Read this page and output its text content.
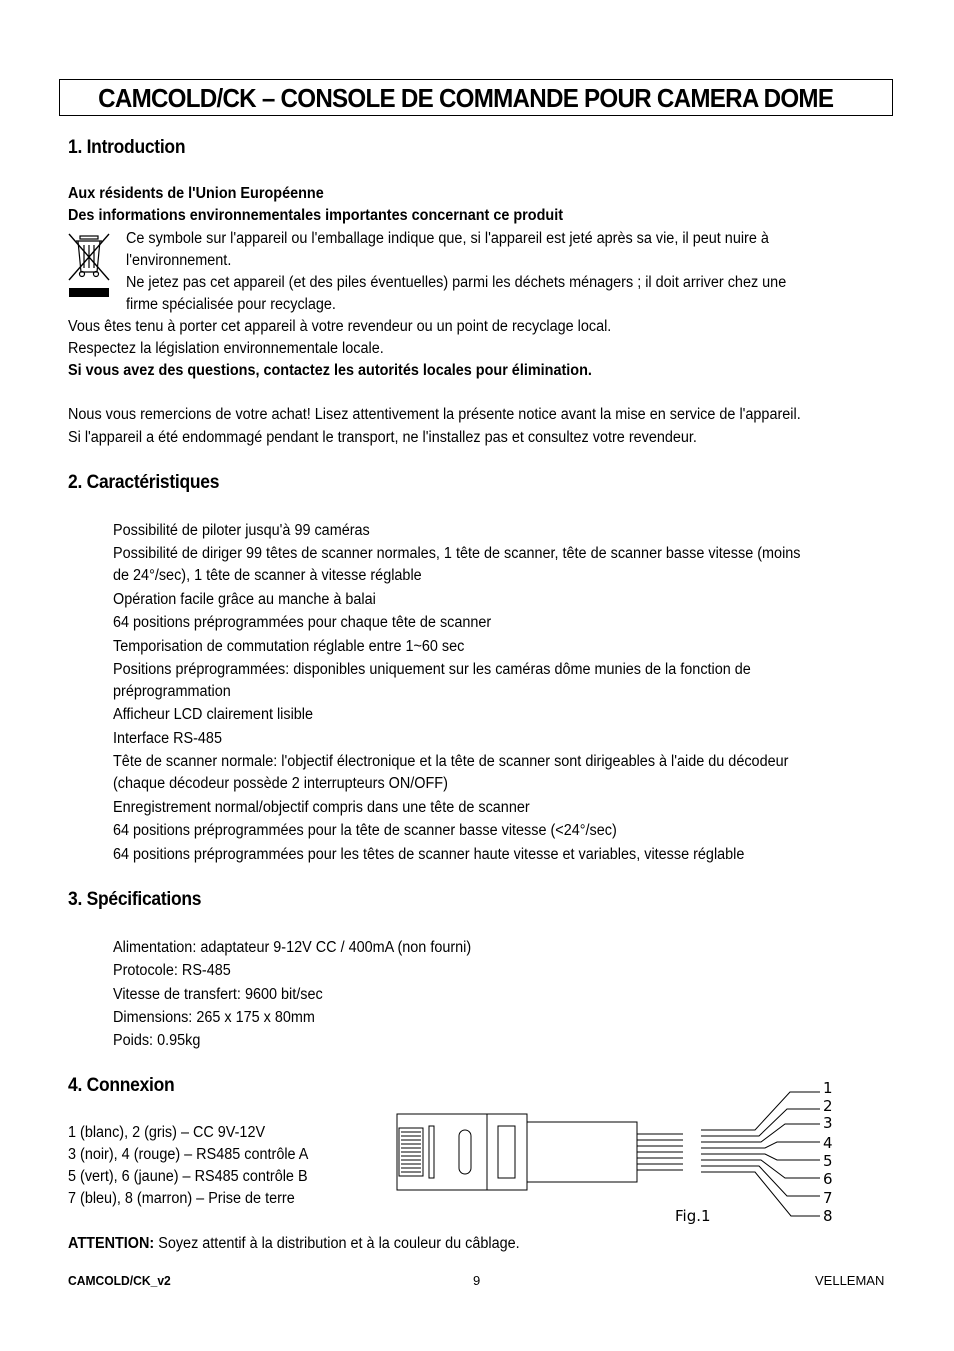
CAMCOLD/CK – CONSOLE DE COMMANDE POUR CAMERA DOME
1. Introduction
Aux résidents de l'Union Européenne
Des informations environnementales importantes concernant ce produit
Ce symbole sur l'appareil ou l'emballage indique que, si l'appareil est jeté après sa vie, il peut nuire à
l'environnement.
Ne jetez pas cet appareil (et des piles éventuelles) parmi les déchets ménagers ; il doit arriver chez une
firme spécialisée pour recyclage.
Vous êtes tenu à porter cet appareil à votre revendeur ou un point de recyclage local.
Respectez la législation environnementale locale.
Si vous avez des questions, contactez les autorités locales pour élimination.
Nous vous remercions de votre achat! Lisez attentivement la présente notice avant la mise en service de l'appareil.
Si l'appareil a été endommagé pendant le transport, ne l'installez pas et consultez votre revendeur.
2. Caractéristiques
Possibilité de piloter jusqu'à 99 caméras
Possibilité de diriger 99 têtes de scanner normales, 1 tête de scanner, tête de scanner basse vitesse (moins
de 24°/sec), 1 tête de scanner à vitesse réglable
Opération facile grâce au manche à balai
64 positions préprogrammées pour chaque tête de scanner
Temporisation de commutation réglable entre 1~60 sec
Positions préprogrammées: disponibles uniquement sur les caméras dôme munies de la fonction de
préprogrammation
Afficheur LCD clairement lisible
Interface RS-485
Tête de scanner normale: l'objectif électronique et la tête de scanner sont dirigeables à l'aide du décodeur
(chaque décodeur possède 2 interrupteurs ON/OFF)
Enregistrement normal/objectif compris dans une tête de scanner
64 positions préprogrammées pour la tête de scanner basse vitesse (<24°/sec)
64 positions préprogrammées pour les têtes de scanner haute vitesse et variables, vitesse réglable
3. Spécifications
Alimentation: adaptateur 9-12V CC / 400mA (non fourni)
Protocole: RS-485
Vitesse de transfert: 9600 bit/sec
Dimensions: 265 x 175 x 80mm
Poids: 0.95kg
4. Connexion
1 (blanc), 2 (gris) – CC 9V-12V
3 (noir), 4 (rouge) – RS485 contrôle A
5 (vert), 6 (jaune) – RS485 contrôle B
7 (bleu), 8 (marron) – Prise de terre
1
2
3
4
5
6
7
8
Fig.1
ATTENTION: Soyez attentif à la distribution et à la couleur du câblage.
CAMCOLD/CK_v2	9	VELLEMAN
